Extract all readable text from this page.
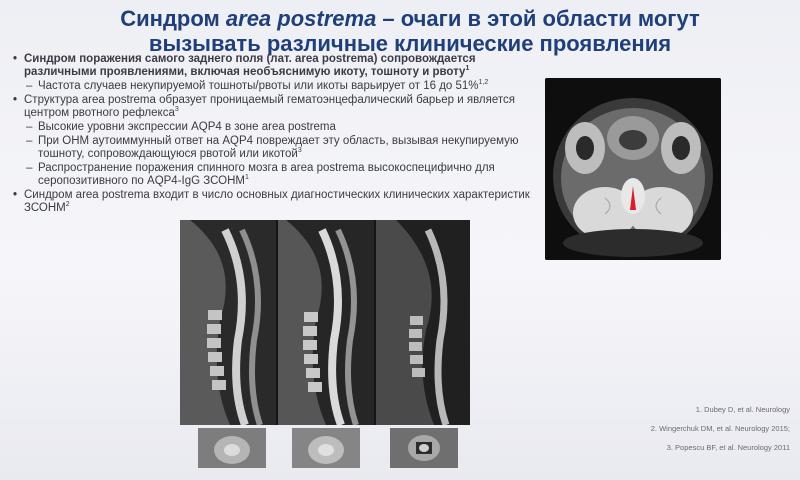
Синдром area postrema – очаги в этой области могут
вызывать различные клинические проявления
• Синдром поражения самого заднего поля (лат. area postrema) сопровождается различными проявлениями, включая необъяснимую икоту, тошноту и рвоту$^1$
– Частота случаев некупируемой тошноты/рвоты или икоты варьирует от 16 до 51%$^{1,2}$
• Структура area postrema образует проницаемый гематоэнцефалический барьер и является центром рвотного рефлекса$^3$
– Высокие уровни экспрессии AQP4 в зоне area postrema
– При ОНМ аутоиммунный ответ на AQP4 повреждает эту область, вызывая некупируемую тошноту, сопровождающуюся рвотой или икотой$^3$
– Распространение поражения спинного мозга в area postrema высокоспецифично для серопозитивного по AQP4-IgG ЗСОНМ$^1$
• Синдром area postrema входит в число основных диагностических клинических характеристик ЗСОНМ$^2$
1. Dubey D, et al. Neurology
2. Wingerchuk DM, et al. Neurology 2015;
3. Popescu BF, et al. Neurology 2011
